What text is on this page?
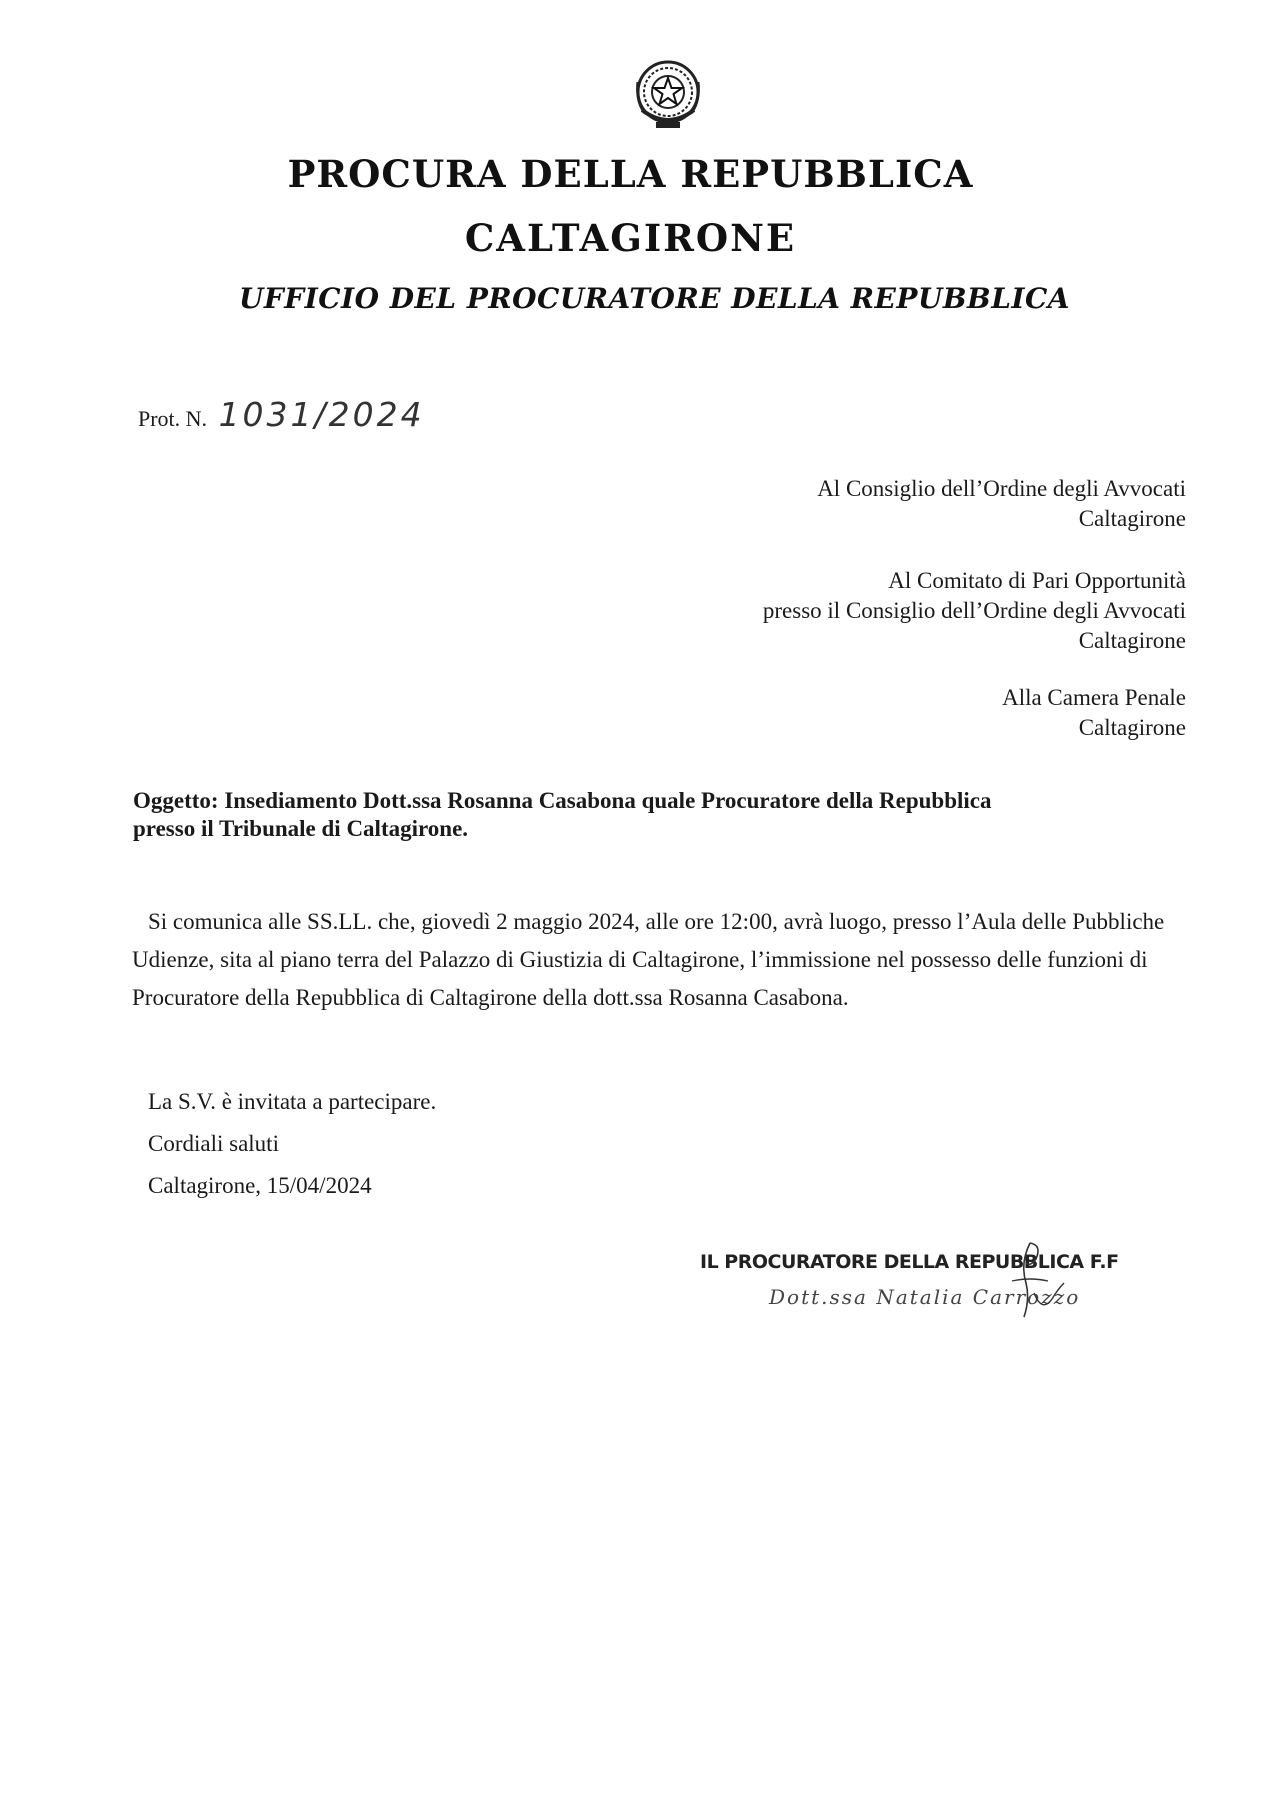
PROCURA DELLA REPUBBLICA
CALTAGIRONE
UFFICIO DEL PROCURATORE DELLA REPUBBLICA
Prot. N. 1031/2024
Al Consiglio dell’Ordine degli Avvocati
Caltagirone
Al Comitato di Pari Opportunità
presso il Consiglio dell’Ordine degli Avvocati
Caltagirone
Alla Camera Penale
Caltagirone
Oggetto: Insediamento Dott.ssa Rosanna Casabona quale Procuratore della Repubblica
presso il Tribunale di Caltagirone.

Si comunica alle SS.LL. che, giovedì 2 maggio 2024, alle ore 12:00, avrà luogo, presso l’Aula delle Pubbliche Udienze, sita al piano terra del Palazzo di Giustizia di Caltagirone, l’immissione nel possesso delle funzioni di Procuratore della Repubblica di Caltagirone della dott.ssa Rosanna Casabona.

La S.V. è invitata a partecipare.
Cordiali saluti
Caltagirone, 15/04/2024
IL PROCURATORE DELLA REPUBBLICA F.F
Dott.ssa Natalia Carrozzo
